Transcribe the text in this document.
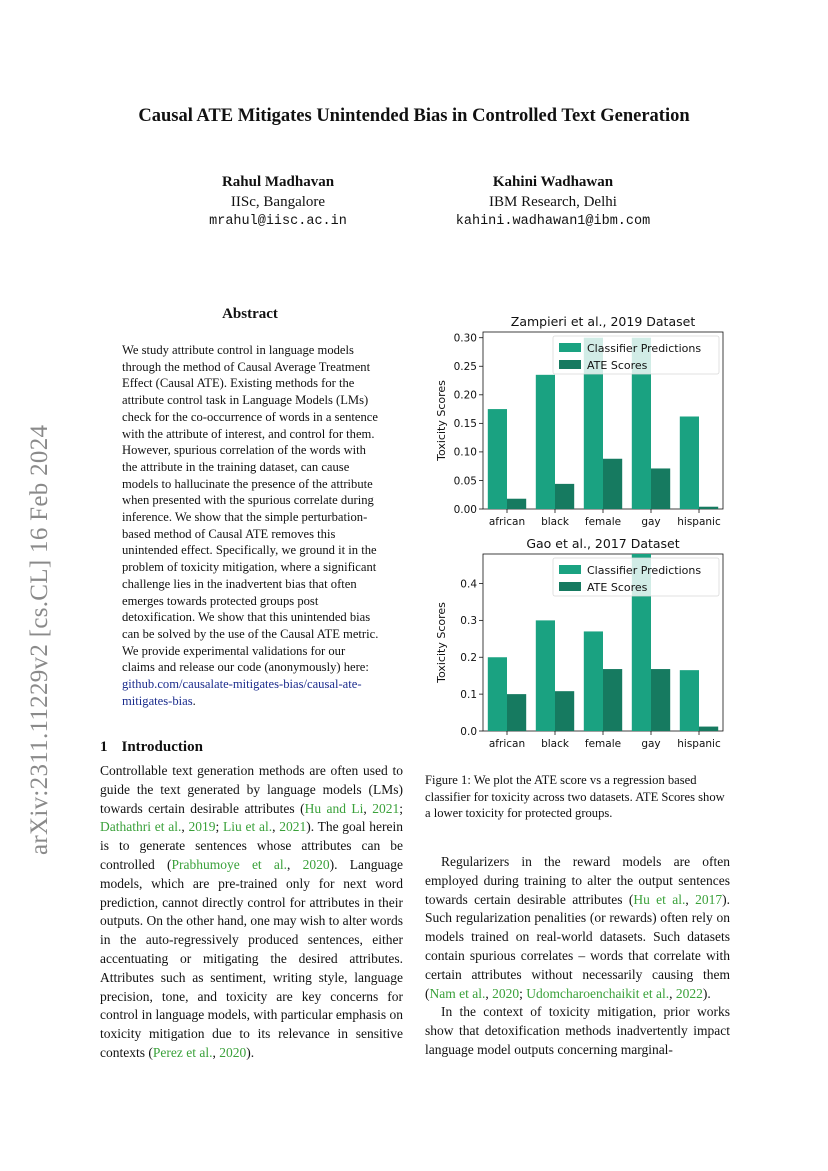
Causal ATE Mitigates Unintended Bias in Controlled Text Generation
Rahul Madhavan
IISc, Bangalore
mrahul@iisc.ac.in
Kahini Wadhawan
IBM Research, Delhi
kahini.wadhawan1@ibm.com
arXiv:2311.11229v2 [cs.CL] 16 Feb 2024
Abstract
We study attribute control in language models through the method of Causal Average Treatment Effect (Causal ATE). Existing methods for the attribute control task in Language Models (LMs) check for the co-occurrence of words in a sentence with the attribute of interest, and control for them. However, spurious correlation of the words with the attribute in the training dataset, can cause models to hallucinate the presence of the attribute when presented with the spurious correlate during inference. We show that the simple perturbation-based method of Causal ATE removes this unintended effect. Specifically, we ground it in the problem of toxicity mitigation, where a significant challenge lies in the inadvertent bias that often emerges towards protected groups post detoxification. We show that this unintended bias can be solved by the use of the Causal ATE metric. We provide experimental validations for our claims and release our code (anonymously) here: github.com/causalate-mitigates-bias/causal-ate-mitigates-bias.
1 Introduction
Controllable text generation methods are often used to guide the text generated by language models (LMs) towards certain desirable attributes (Hu and Li, 2021; Dathathri et al., 2019; Liu et al., 2021). The goal herein is to generate sentences whose attributes can be controlled (Prabhumoye et al., 2020). Language models, which are pre-trained only for next word prediction, cannot directly control for attributes in their outputs. On the other hand, one may wish to alter words in the auto-regressively produced sentences, either accentuating or mitigating the desired attributes. Attributes such as sentiment, writing style, language precision, tone, and toxicity are key concerns for control in language models, with particular emphasis on toxicity mitigation due to its relevance in sensitive contexts (Perez et al., 2020).
Zampieri et al., 2019 Dataset
Toxicity Scores
0.00
0.05
0.10
0.15
0.20
0.25
0.30
african black female gay hispanic
Classifier Predictions
ATE Scores
Gao et al., 2017 Dataset
Toxicity Scores
0.0
0.1
0.2
0.3
0.4
african black female gay hispanic
Classifier Predictions
ATE Scores
Figure 1: We plot the ATE score vs a regression based classifier for toxicity across two datasets. ATE Scores show a lower toxicity for protected groups.

Regularizers in the reward models are often employed during training to alter the output sentences towards certain desirable attributes (Hu et al., 2017). Such regularization penalities (or rewards) often rely on models trained on real-world datasets. Such datasets contain spurious correlates – words that correlate with certain attributes without necessarily causing them (Nam et al., 2020; Udomcharoenchaikit et al., 2022).

In the context of toxicity mitigation, prior works show that detoxification methods inadvertently impact language model outputs concerning marginal-
